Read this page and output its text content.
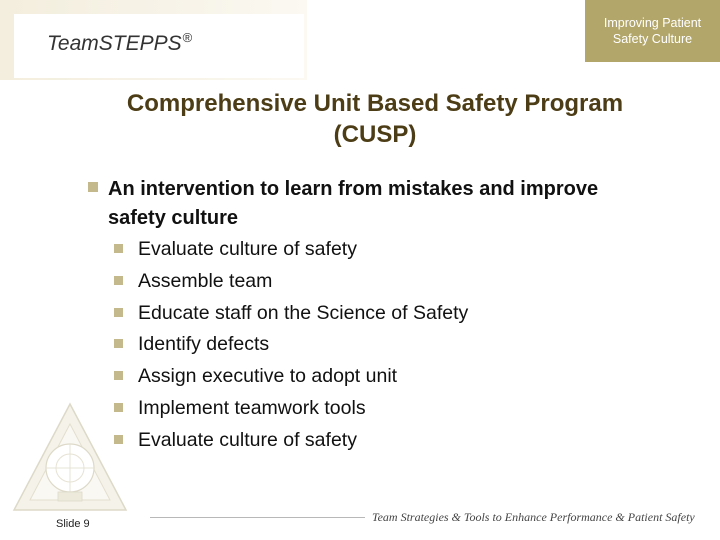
TeamSTEPPS®
Improving Patient
Safety Culture
Comprehensive Unit Based Safety Program
(CUSP)
An intervention to learn from mistakes and improve safety culture
Evaluate culture of safety
Assemble team
Educate staff on the Science of Safety
Identify defects
Assign executive to adopt unit
Implement teamwork tools
Evaluate culture of safety
Slide 9	Team Strategies & Tools to Enhance Performance & Patient Safety
